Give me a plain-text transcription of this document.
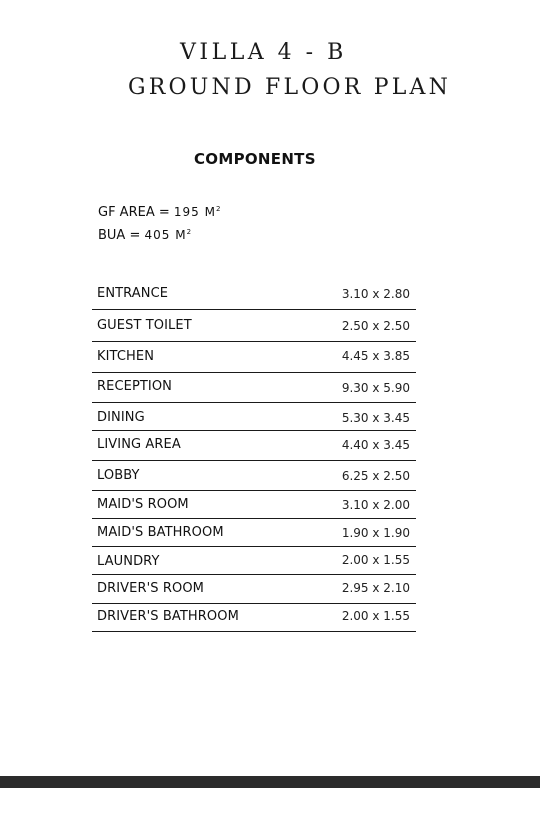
VILLA 4 - B
GROUND FLOOR PLAN
COMPONENTS
GF AREA = 195 $M^2$
BUA = 405 $M^2$
ENTRANCE	3.10 x 2.80
GUEST TOILET	2.50 x 2.50
KITCHEN	4.45 x 3.85
RECEPTION	9.30 x 5.90
DINING	5.30 x 3.45
LIVING AREA	4.40 x 3.45
LOBBY	6.25 x 2.50
MAID'S ROOM	3.10 x 2.00
MAID'S BATHROOM	1.90 x 1.90
LAUNDRY	2.00 x 1.55
DRIVER'S ROOM	2.95 x 2.10
DRIVER'S BATHROOM	2.00 x 1.55
